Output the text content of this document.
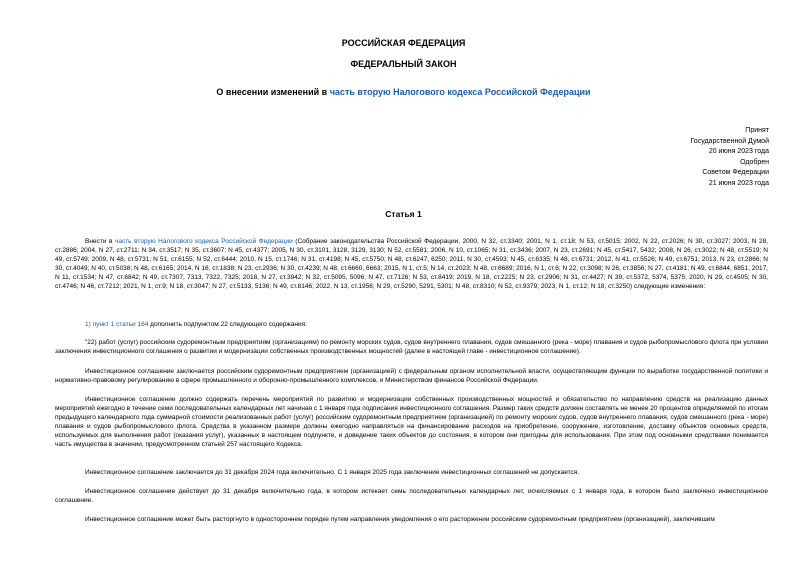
РОССИЙСКАЯ ФЕДЕРАЦИЯ
ФЕДЕРАЛЬНЫЙ ЗАКОН
О внесении изменений в часть вторую Налогового кодекса Российской Федерации
Принят
Государственной Думой
20 июня 2023 года
Одобрен
Советом Федерации
21 июня 2023 года
Статья 1
Внести в часть вторую Налогового кодекса Российской Федерации (Собрание законодательства Российской Федерации, 2000, N 32, ст.3340; 2001, N 1, ст.18; N 53, ст.5015; 2002, N 22, ст.2026; N 30, ст.3027; 2003, N 28, ст.2886; 2004, N 27, ст.2711; N 34, ст.3517; N 35, ст.3607; N 45, ст.4377; 2005, N 30, ст.3101, 3128, 3129, 3130; N 52, ст.5581; 2006, N 10, ст.1065; N 31, ст.3436; 2007, N 23, ст.2691; N 45, ст.5417, 5432; 2008, N 26, ст.3022; N 48, ст.5519; N 49, ст.5749; 2009, N 48, ст.5731; N 51, ст.6155; N 52, ст.6444; 2010, N 15, ст.1746; N 31, ст.4198; N 45, ст.5750; N 48, ст.6247, 6250; 2011, N 30, ст.4593; N 45, ст.6335; N 48, ст.6731; 2012, N 41, ст.5526; N 49, ст.6751; 2013, N 23, ст.2866; N 30, ст.4049; N 40, ст.5038; N 48, ст.6165; 2014, N 16, ст.1838; N 23, ст.2936; N 30, ст.4239; N 48, ст.6660, 6663; 2015, N 1, ст.5; N 14, ст.2023; N 48, ст.6689; 2016, N 1, ст.6; N 22, ст.3098; N 26, ст.3856; N 27, ст.4181; N 49, ст.6844, 6851; 2017, N 11, ст.1534; N 47, ст.6842; N 49, ст.7307, 7313, 7322, 7325; 2018, N 27, ст.3942; N 32, ст.5095, 5096; N 47, ст.7126; N 53, ст.8419; 2019, N 18, ст.2225; N 23, ст.2906; N 31, ст.4427; N 39, ст.5372, 5374, 5375; 2020, N 29, ст.4505; N 30, ст.4746; N 46, ст.7212; 2021, N 1, ст.9; N 18, ст.3047; N 27, ст.5133, 5136; N 49, ст.8146; 2022, N 13, ст.1956; N 29, ст.5290, 5291, 5301; N 48, ст.8310; N 52, ст.9379; 2023, N 1, ст.12; N 18, ст.3250) следующие изменения:
1) пункт 1 статьи 164 дополнить подпунктом 22 следующего содержания:
"22) работ (услуг) российским судоремонтным предприятиям (организациям) по ремонту морских судов, судов внутреннего плавания, судов смешанного (река - море) плавания и судов рыбопромыслового флота при условии заключения инвестиционного соглашения о развитии и модернизации собственных производственных мощностей (далее в настоящей главе - инвестиционное соглашение).
Инвестиционное соглашение заключается российским судоремонтным предприятием (организацией) с федеральным органом исполнительной власти, осуществляющим функции по выработке государственной политики и нормативно-правовому регулированию в сфере промышленного и оборонно-промышленного комплексов, и Министерством финансов Российской Федерации.
Инвестиционное соглашение должно содержать перечень мероприятий по развитию и модернизации собственных производственных мощностей и обязательство по направлению средств на реализацию данных мероприятий ежегодно в течение семи последовательных календарных лет начиная с 1 января года подписания инвестиционного соглашения. Размер таких средств должен составлять не менее 20 процентов определяемой по итогам предыдущего календарного года суммарной стоимости реализованных работ (услуг) российским судоремонтным предприятием (организацией) по ремонту морских судов, судов внутреннего плавания, судов смешанного (река - море) плавания и судов рыбопромыслового флота. Средства в указанном размере должны ежегодно направляться на финансирование расходов на приобретение, сооружение, изготовление, доставку объектов основных средств, используемых для выполнения работ (оказания услуг), указанных в настоящем подпункте, и доведение таких объектов до состояния, в котором они пригодны для использования. При этом под основными средствами понимается часть имущества в значении, предусмотренном статьей 257 настоящего Кодекса.
Инвестиционное соглашение заключается до 31 декабря 2024 года включительно. С 1 января 2025 года заключение инвестиционных соглашений не допускается.
Инвестиционное соглашение действует до 31 декабря включительно года, в котором истекает семь последовательных календарных лет, исчисляемых с 1 января года, в котором было заключено инвестиционное соглашение.
Инвестиционное соглашение может быть расторгнуто в одностороннем порядке путем направления уведомления о его расторжении российским судоремонтным предприятием (организацией), заключившим
